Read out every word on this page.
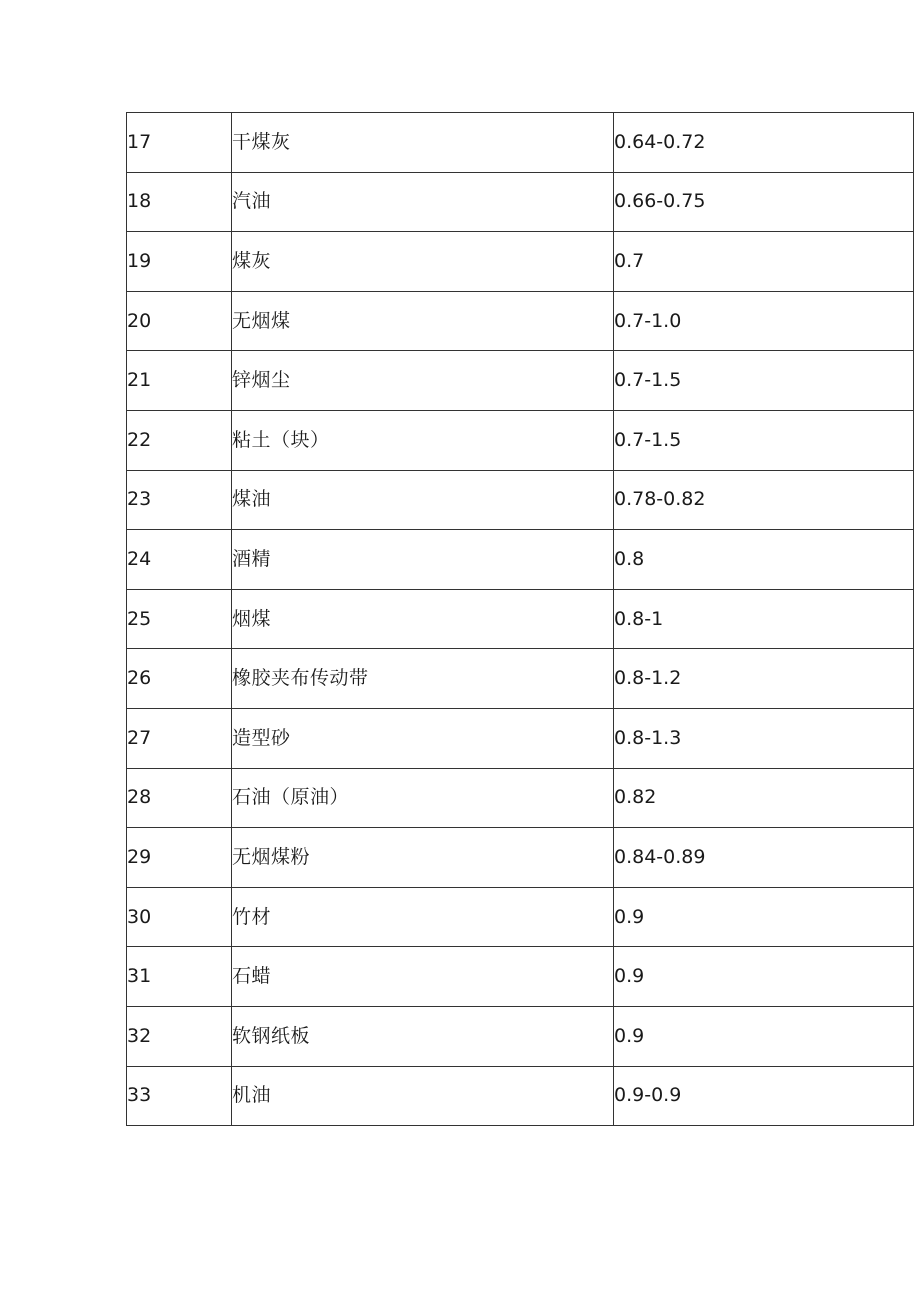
17	干煤灰	0.64-0.72
18	汽油	0.66-0.75
19	煤灰	0.7
20	无烟煤	0.7-1.0
21	锌烟尘	0.7-1.5
22	粘土（块）	0.7-1.5
23	煤油	0.78-0.82
24	酒精	0.8
25	烟煤	0.8-1
26	橡胶夹布传动带	0.8-1.2
27	造型砂	0.8-1.3
28	石油（原油）	0.82
29	无烟煤粉	0.84-0.89
30	竹材	0.9
31	石蜡	0.9
32	软钢纸板	0.9
33	机油	0.9-0.9
